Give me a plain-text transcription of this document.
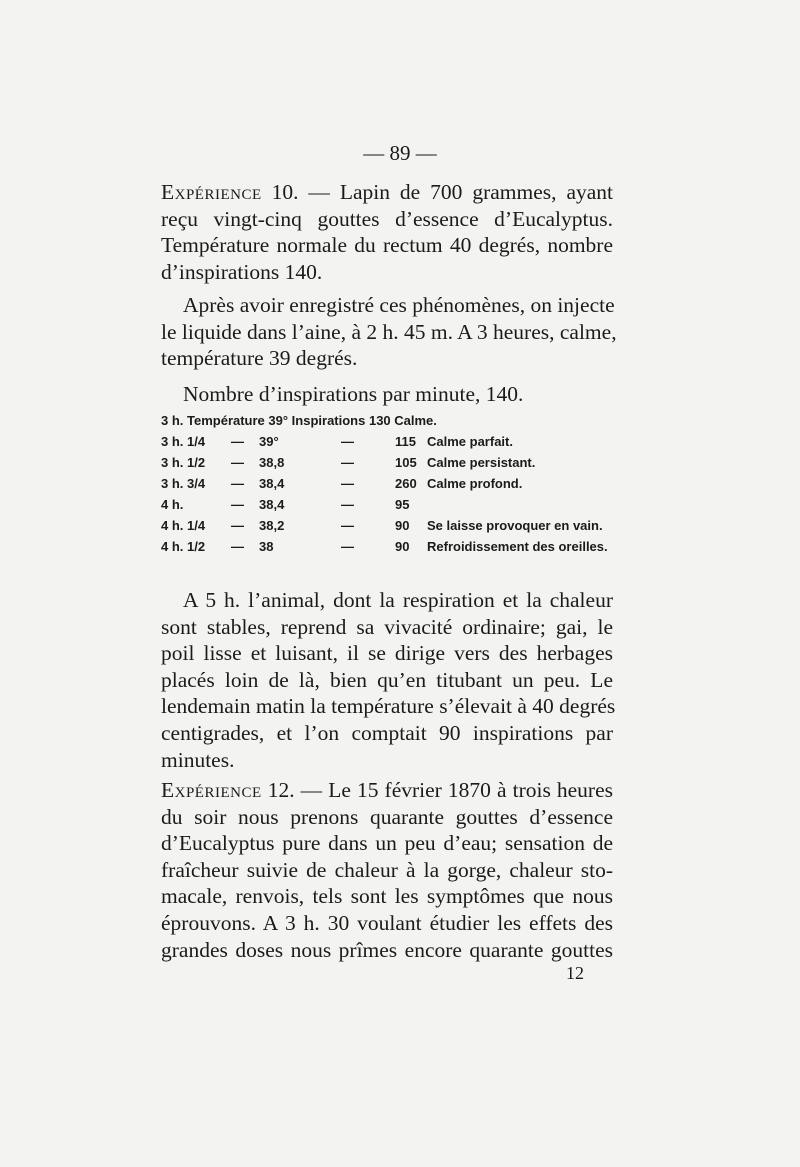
— 89 —

Expérience 10. — Lapin de 700 grammes, ayant
reçu vingt-cinq gouttes d’essence d’Eucalyptus.
Température normale du rectum 40 degrés, nombre
d’inspirations 140.

Après avoir enregistré ces phénomènes, on injecte
le liquide dans l’aine, à 2 h. 45 m. A 3 heures, calme,
température 39 degrés.

Nombre d’inspirations par minute, 140.

3 h. Température 39° Inspirations 130 Calme.
3 h. 1/4 — 39°	—	115 Calme parfait.
3 h. 1/2 — 38,8	—	105 Calme persistant.
3 h. 3/4 — 38,4	—	260 Calme profond.
4 h.	— 38,4	—	95
4 h. 1/4 — 38,2	—	90 Se laisse provoquer en vain.
4 h. 1/2 — 38	—	90 Refroidissement des oreilles.

A 5 h. l’animal, dont la respiration et la chaleur
sont stables, reprend sa vivacité ordinaire; gai, le
poil lisse et luisant, il se dirige vers des herbages
placés loin de là, bien qu’en titubant un peu. Le
lendemain matin la température s’élevait à 40 degrés
centigrades, et l’on comptait 90 inspirations par
minutes.

Expérience 12. — Le 15 février 1870 à trois heures
du soir nous prenons quarante gouttes d’essence
d’Eucalyptus pure dans un peu d’eau; sensation de
fraîcheur suivie de chaleur à la gorge, chaleur sto-
macale, renvois, tels sont les symptômes que nous
éprouvons. A 3 h. 30 voulant étudier les effets des
grandes doses nous prîmes encore quarante gouttes

12
